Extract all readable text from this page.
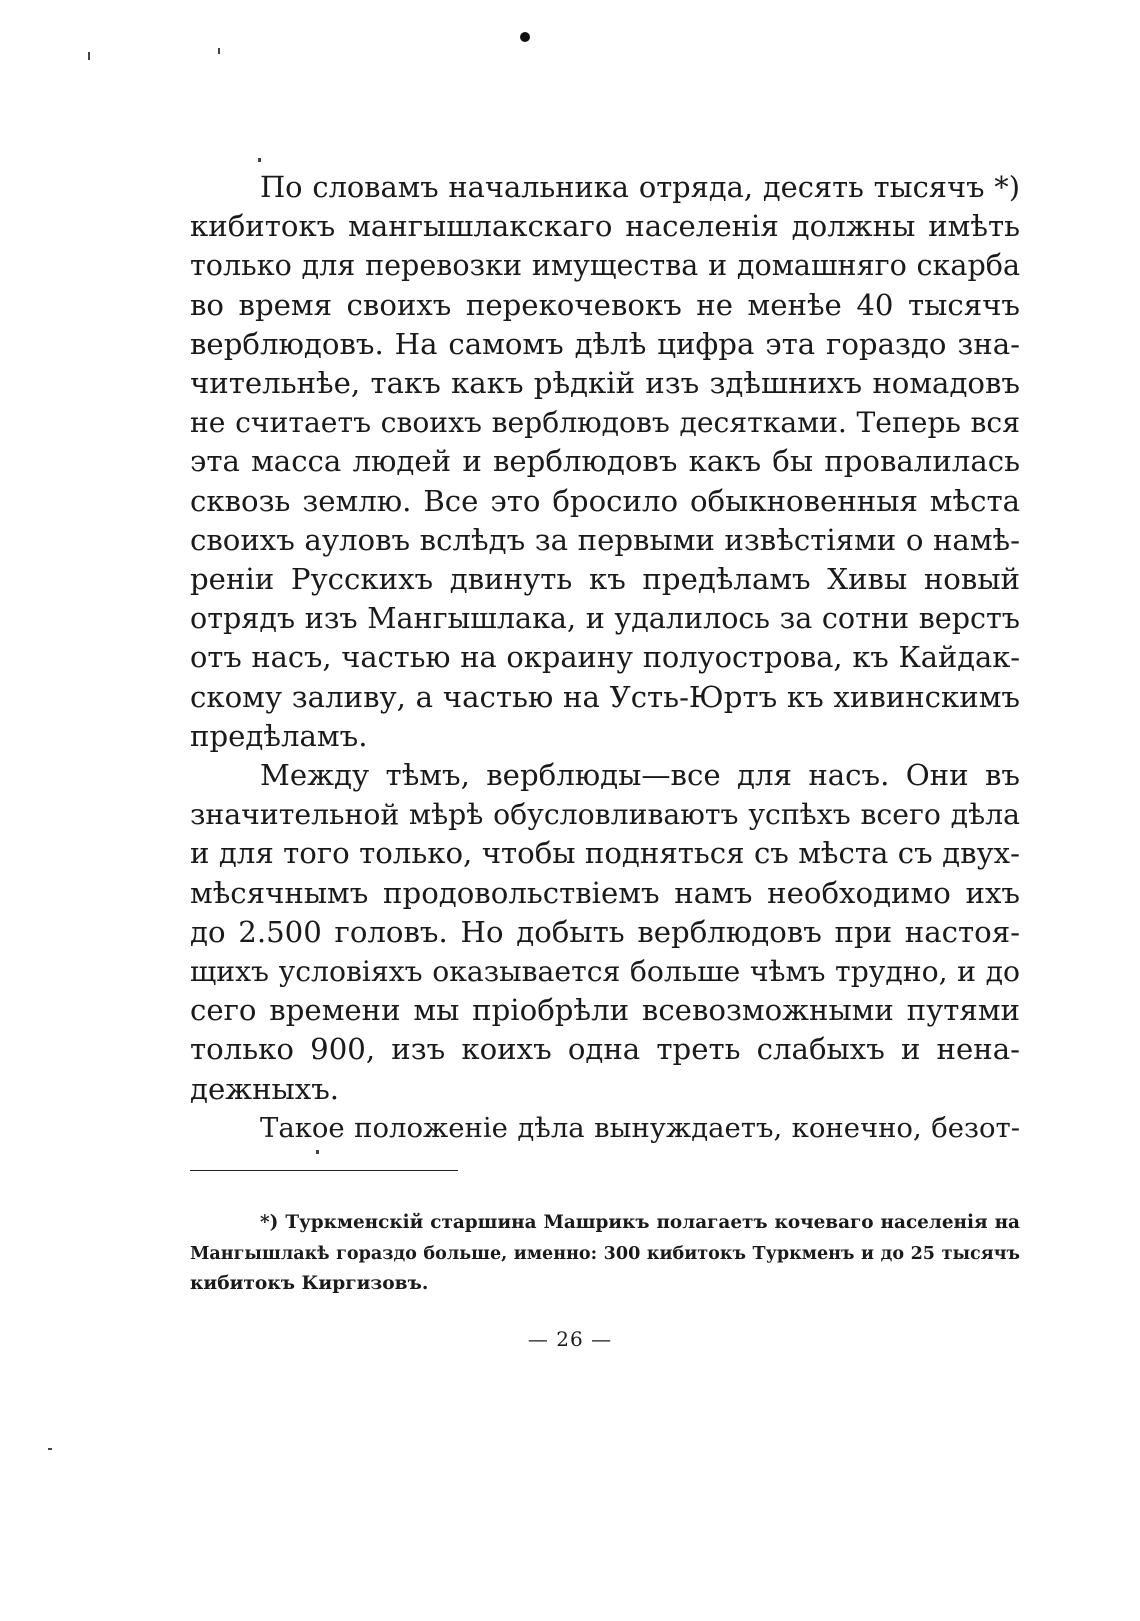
По словамъ начальника отряда, десять тысячъ *)
кибитокъ мангышлакскаго населенія должны имѣть
только для перевозки имущества и домашняго скарба
во время своихъ перекочевокъ не менѣе 40 тысячъ
верблюдовъ. На самомъ дѣлѣ цифра эта гораздо зна-
чительнѣе, такъ какъ рѣдкій изъ здѣшнихъ номадовъ
не считаетъ своихъ верблюдовъ десятками. Теперь вся
эта масса людей и верблюдовъ какъ бы провалилась
сквозь землю. Все это бросило обыкновенныя мѣста
своихъ ауловъ вслѣдъ за первыми извѣстіями о намѣ-
реніи Русскихъ двинуть къ предѣламъ Хивы новый
отрядъ изъ Мангышлака, и удалилось за сотни верстъ
отъ насъ, частью на окраину полуострова, къ Кайдак-
скому заливу, а частью на Усть-Юртъ къ хивинскимъ
предѣламъ.
Между тѣмъ, верблюды—все для насъ. Они въ
значительной мѣрѣ обусловливаютъ успѣхъ всего дѣла
и для того только, чтобы подняться съ мѣста съ двух-
мѣсячнымъ продовольствіемъ намъ необходимо ихъ
до 2.500 головъ. Но добыть верблюдовъ при настоя-
щихъ условіяхъ оказывается больше чѣмъ трудно, и до
сего времени мы пріобрѣли всевозможными путями
только 900, изъ коихъ одна треть слабыхъ и нена-
дежныхъ.
Такое положеніе дѣла вынуждаетъ, конечно, безот-
*) Туркменскій старшина Машрикъ полагаетъ кочеваго населенія на
Мангышлакѣ гораздо больше, именно: 300 кибитокъ Туркменъ и до 25 тысячъ
кибитокъ Киргизовъ.
— 26 —
